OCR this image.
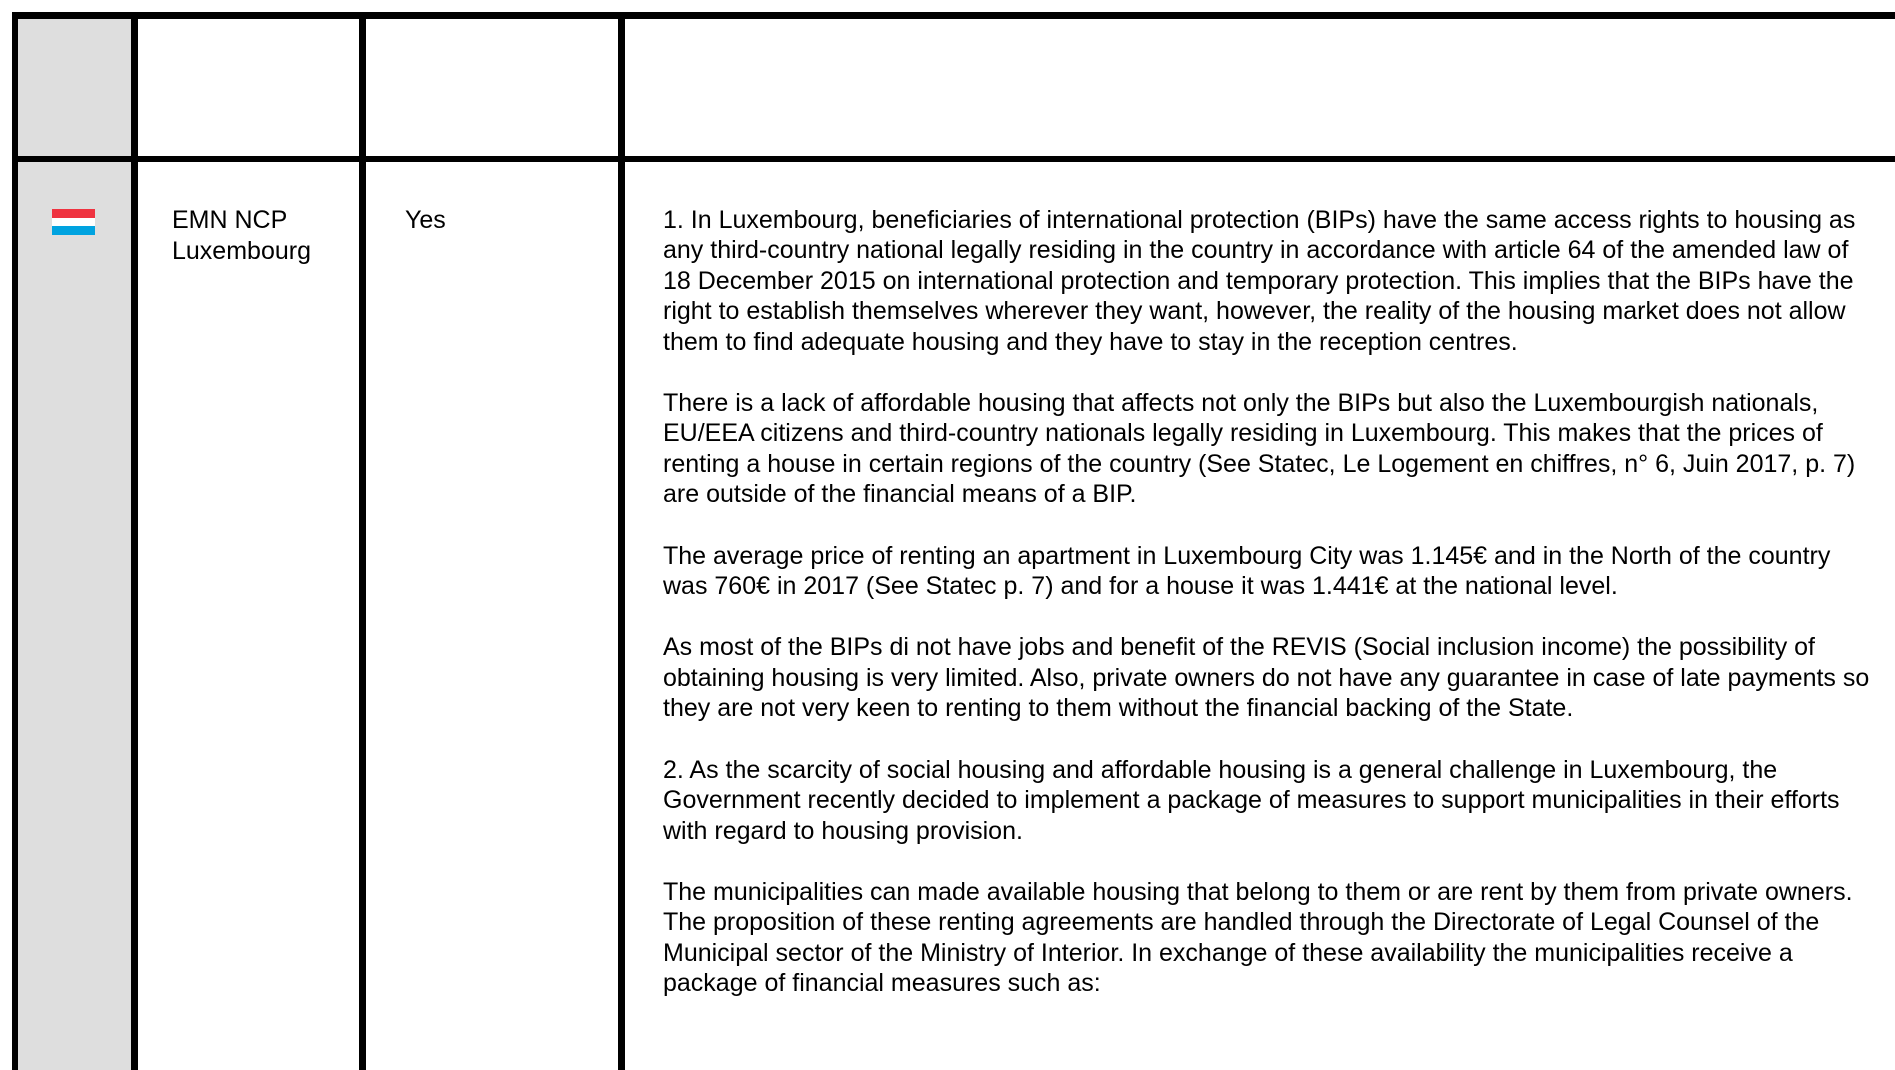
EMN NCP Luxembourg
Yes	1. In Luxembourg, beneficiaries of international protection (BIPs) have the same access rights to housing as any third-country national legally residing in the country in accordance with article 64 of the amended law of 18 December 2015 on international protection and temporary protection. This implies that the BIPs have the right to establish themselves wherever they want, however, the reality of the housing market does not allow them to find adequate housing and they have to stay in the reception centres.

There is a lack of affordable housing that affects not only the BIPs but also the Luxembourgish nationals, EU/EEA citizens and third-country nationals legally residing in Luxembourg. This makes that the prices of renting a house in certain regions of the country (See Statec, Le Logement en chiffres, n° 6, Juin 2017, p. 7) are outside of the financial means of a BIP.

The average price of renting an apartment in Luxembourg City was 1.145€ and in the North of the country was 760€ in 2017 (See Statec p. 7) and for a house it was 1.441€ at the national level.

As most of the BIPs di not have jobs and benefit of the REVIS (Social inclusion income) the possibility of obtaining housing is very limited. Also, private owners do not have any guarantee in case of late payments so they are not very keen to renting to them without the financial backing of the State.

2. As the scarcity of social housing and affordable housing is a general challenge in Luxembourg, the Government recently decided to implement a package of measures to support municipalities in their efforts with regard to housing provision.

The municipalities can made available housing that belong to them or are rent by them from private owners. The proposition of these renting agreements are handled through the Directorate of Legal Counsel of the Municipal sector of the Ministry of Interior. In exchange of these availability the municipalities receive a package of financial measures such as:
